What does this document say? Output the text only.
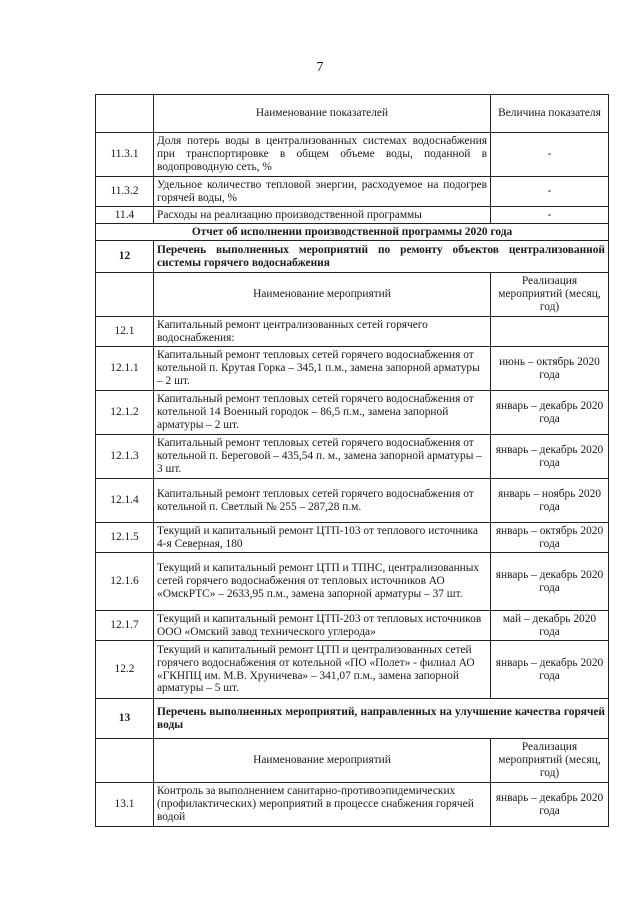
7
	Наименование показателей	Величина показателя
11.3.1	Доля потерь воды в централизованных системах водоснабжения при транспортировке в общем объеме воды, поданной в водопроводную сеть, %	-
11.3.2	Удельное количество тепловой энергии, расходуемое на подогрев горячей воды, %	-
11.4	Расходы на реализацию производственной программы	-
Отчет об исполнении производственной программы 2020 года		
12	Перечень выполненных мероприятий по ремонту объектов централизованной системы горячего водоснабжения	
	Наименование мероприятий	Реализация мероприятий (месяц, год)
12.1	Капитальный ремонт централизованных сетей горячего водоснабжения:	
12.1.1	Капитальный ремонт тепловых сетей горячего водоснабжения от котельной п. Крутая Горка – 345,1 п.м., замена запорной арматуры – 2 шт.	июнь – октябрь 2020 года
12.1.2	Капитальный ремонт тепловых сетей горячего водоснабжения от котельной 14 Военный городок – 86,5 п.м., замена запорной арматуры – 2 шт.	январь – декабрь 2020 года
12.1.3	Капитальный ремонт тепловых сетей горячего водоснабжения от котельной п. Береговой – 435,54 п. м., замена запорной арматуры – 3 шт.	январь – декабрь 2020 года
12.1.4	Капитальный ремонт тепловых сетей горячего водоснабжения от котельной п. Светлый № 255 – 287,28 п.м.	январь – ноябрь 2020 года
12.1.5	Текущий и капитальный ремонт ЦТП-103 от теплового источника 4-я Северная, 180	январь – октябрь 2020 года
12.1.6	Текущий и капитальный ремонт ЦТП и ТПНС, централизованных сетей горячего водоснабжения от тепловых источников АО «ОмскРТС» – 2633,95 п.м., замена запорной арматуры – 37 шт.	январь – декабрь 2020 года
12.1.7	Текущий и капитальный ремонт ЦТП-203 от тепловых источников ООО «Омский завод технического углерода»	май – декабрь 2020 года
12.2	Текущий и капитальный ремонт ЦТП и централизованных сетей горячего водоснабжения от котельной «ПО «Полет» - филиал АО «ГКНПЦ им. М.В. Хруничева» – 341,07 п.м., замена запорной арматуры – 5 шт.	январь – декабрь 2020 года
13	Перечень выполненных мероприятий, направленных на улучшение качества горячей воды	
	Наименование мероприятий	Реализация мероприятий (месяц, год)
13.1	Контроль за выполнением санитарно-противоэпидемических (профилактических) мероприятий в процессе снабжения горячей водой	январь – декабрь 2020 года
